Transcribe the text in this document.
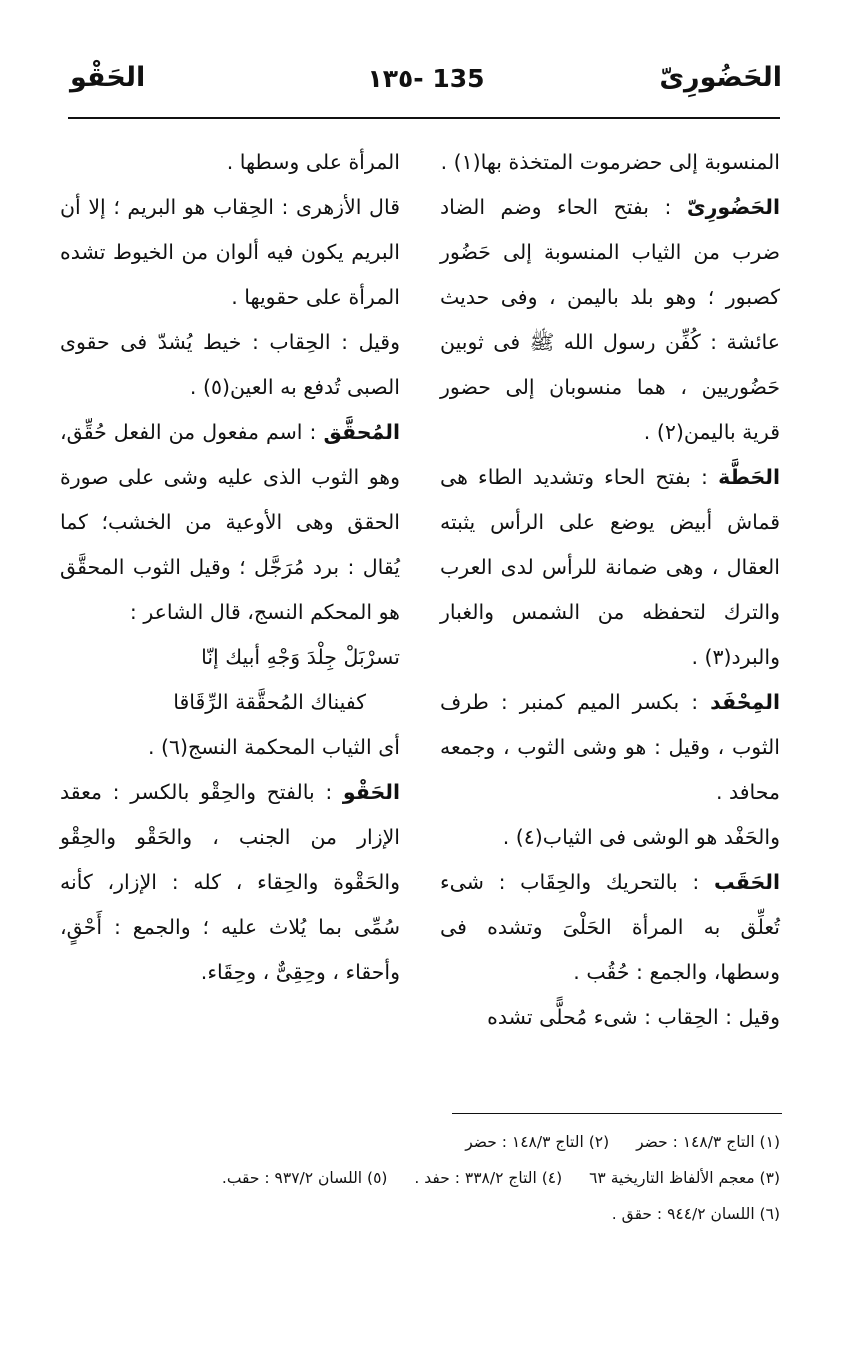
الحَضُورِىّ
١٣٥- 135
الحَقْو

المنسوبة إلى حضرموت المتخذة بها(١) .

الحَضُورِىّ : بفتح الحاء وضم الضاد ضرب من الثياب المنسوبة إلى حَضُور كصبور ؛ وهو بلد باليمن ، وفى حديث عائشة : كُفِّن رسول الله ﷺ فى ثوبين حَضُوريين ، هما منسوبان إلى حضور قرية باليمن(٢) .

الحَطَّة : بفتح الحاء وتشديد الطاء هى قماش أبيض يوضع على الرأس يثبته العقال ، وهى ضمانة للرأس لدى العرب والترك لتحفظه من الشمس والغبار والبرد(٣) .

المِحْفَد : بكسر الميم كمنبر : طرف الثوب ، وقيل : هو وشى الثوب ، وجمعه محافد .

والحَفْد هو الوشى فى الثياب(٤) .

الحَقَب : بالتحريك والحِقَاب : شىء تُعلِّق به المرأة الحَلْىَ وتشده فى وسطها، والجمع : حُقُب .

وقيل : الحِقاب : شىء مُحلًّى تشده

المرأة على وسطها .

قال الأزهرى : الحِقاب هو البريم ؛ إلا أن البريم يكون فيه ألوان من الخيوط تشده المرأة على حقويها .

وقيل : الحِقاب : خيط يُشدّ فى حقوى الصبى تُدفع به العين(٥) .

المُحقَّق : اسم مفعول من الفعل حُقِّق، وهو الثوب الذى عليه وشى على صورة الحقق وهى الأوعية من الخشب؛ كما يُقال : برد مُرَجَّل ؛ وقيل الثوب المحقَّق هو المحكم النسج، قال الشاعر :

تسرْبَلْ جِلْدَ وَجْهِ أبيك إنّا

كفيناك المُحقَّقة الرِّقَاقا

أى الثياب المحكمة النسج(٦) .

الحَقْو : بالفتح والحِقْو بالكسر : معقد الإزار من الجنب ، والحَقْو والحِقْو والحَقْوة والحِقاء ، كله : الإزار، كأنه سُمِّى بما يُلاث عليه ؛ والجمع : أَحْقٍ، وأحقاء ، وحِقِىٌّ ، وحِقَاء.

(١) التاج ١٤٨/٣ : حضر (٢) التاج ١٤٨/٣ : حضر

(٣) معجم الألفاظ التاريخية ٦٣ (٤) التاج ٣٣٨/٢ : حفد . (٥) اللسان ٩٣٧/٢ : حقب.

(٦) اللسان ٩٤٤/٢ : حقق .
